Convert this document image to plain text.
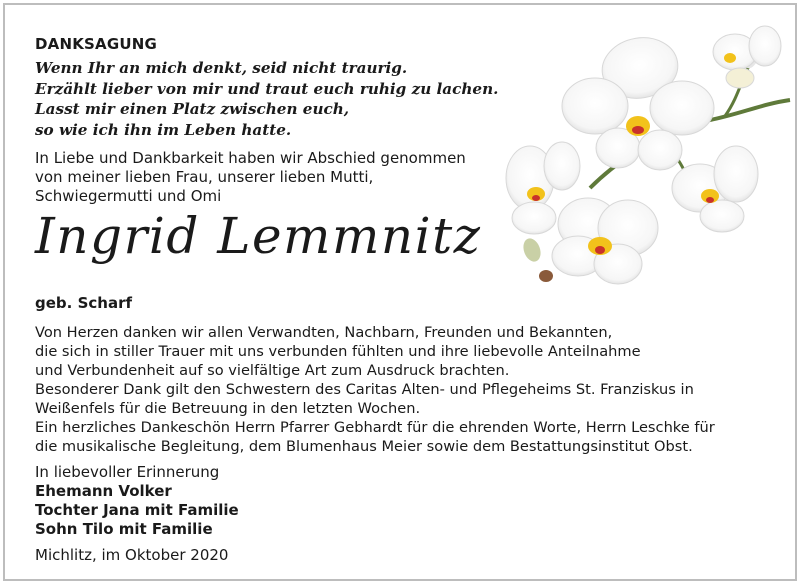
DANKSAGUNG
Wenn Ihr an mich denkt, seid nicht traurig.
Erzählt lieber von mir und traut euch ruhig zu lachen.
Lasst mir einen Platz zwischen euch,
so wie ich ihn im Leben hatte.
In Liebe und Dankbarkeit haben wir Abschied genommen
von meiner lieben Frau, unserer lieben Mutti,
Schwiegermutti und Omi
Ingrid Lemmnitz
geb. Scharf
Von Herzen danken wir allen Verwandten, Nachbarn, Freunden und Bekannten,
die sich in stiller Trauer mit uns verbunden fühlten und ihre liebevolle Anteilnahme
und Verbundenheit auf so vielfältige Art zum Ausdruck brachten.
Besonderer Dank gilt den Schwestern des Caritas Alten- und Pflegeheims St. Franziskus in
Weißenfels für die Betreuung in den letzten Wochen.
Ein herzliches Dankeschön Herrn Pfarrer Gebhardt für die ehrenden Worte, Herrn Leschke für
die musikalische Begleitung, dem Blumenhaus Meier sowie dem Bestattungsinstitut Obst.
In liebevoller Erinnerung
Ehemann Volker
Tochter Jana mit Familie
Sohn Tilo mit Familie
Michlitz, im Oktober 2020
